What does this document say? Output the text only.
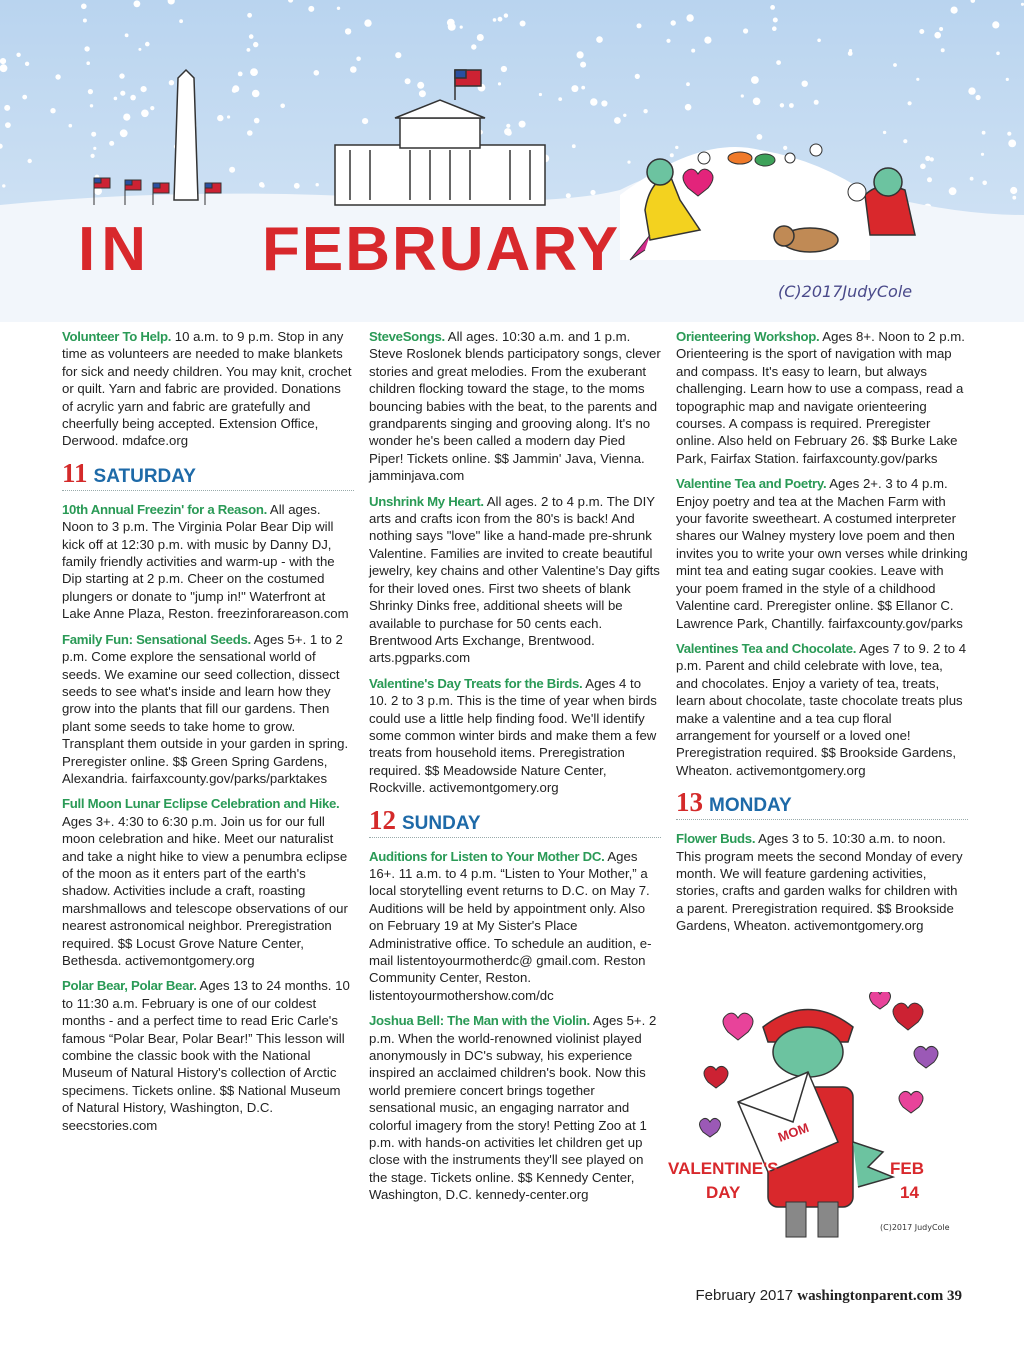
IN FEBRUARY
(C)2017JudyCole
Volunteer To Help. 10 a.m. to 9 p.m. Stop in any time as volunteers are needed to make blankets for sick and needy children. You may knit, crochet or quilt. Yarn and fabric are provided. Donations of acrylic yarn and fabric are gratefully and cheerfully being accepted. Extension Office, Derwood. mdafce.org
11 SATURDAY
10th Annual Freezin' for a Reason. All ages. Noon to 3 p.m. The Virginia Polar Bear Dip will kick off at 12:30 p.m. with music by Danny DJ, family friendly activities and warm-up - with the Dip starting at 2 p.m. Cheer on the costumed plungers or donate to "jump in!" Waterfront at Lake Anne Plaza, Reston. freezinforareason.com
Family Fun: Sensational Seeds. Ages 5+. 1 to 2 p.m. Come explore the sensational world of seeds. We examine our seed collection, dissect seeds to see what's inside and learn how they grow into the plants that fill our gardens. Then plant some seeds to take home to grow. Transplant them outside in your garden in spring. Preregister online. $$ Green Spring Gardens, Alexandria. fairfaxcounty.gov/parks/parktakes
Full Moon Lunar Eclipse Celebration and Hike. Ages 3+. 4:30 to 6:30 p.m. Join us for our full moon celebration and hike. Meet our naturalist and take a night hike to view a penumbra eclipse of the moon as it enters part of the earth's shadow. Activities include a craft, roasting marshmallows and telescope observations of our nearest astronomical neighbor. Preregistration required. $$ Locust Grove Nature Center, Bethesda. activemontgomery.org
Polar Bear, Polar Bear. Ages 13 to 24 months. 10 to 11:30 a.m. February is one of our coldest months - and a perfect time to read Eric Carle's famous “Polar Bear, Polar Bear!” This lesson will combine the classic book with the National Museum of Natural History's collection of Arctic specimens. Tickets online. $$ National Museum of Natural History, Washington, D.C. seecstories.com
SteveSongs. All ages. 10:30 a.m. and 1 p.m. Steve Roslonek blends participatory songs, clever stories and great melodies. From the exuberant children flocking toward the stage, to the moms bouncing babies with the beat, to the parents and grandparents singing and grooving along. It's no wonder he's been called a modern day Pied Piper! Tickets online. $$ Jammin' Java, Vienna. jamminjava.com
Unshrink My Heart. All ages. 2 to 4 p.m. The DIY arts and crafts icon from the 80's is back! And nothing says "love" like a hand-made pre-shrunk Valentine. Families are invited to create beautiful jewelry, key chains and other Valentine's Day gifts for their loved ones. First two sheets of blank Shrinky Dinks free, additional sheets will be available to purchase for 50 cents each. Brentwood Arts Exchange, Brentwood. arts.pgparks.com
Valentine's Day Treats for the Birds. Ages 4 to 10. 2 to 3 p.m. This is the time of year when birds could use a little help finding food. We'll identify some common winter birds and make them a few treats from household items. Preregistration required. $$ Meadowside Nature Center, Rockville. activemontgomery.org
12 SUNDAY
Auditions for Listen to Your Mother DC. Ages 16+. 11 a.m. to 4 p.m. “Listen to Your Mother,” a local storytelling event returns to D.C. on May 7. Auditions will be held by appointment only. Also on February 19 at My Sister's Place Administrative office. To schedule an audition, e-mail listentoyourmotherdc@ gmail.com. Reston Community Center, Reston. listentoyourmothershow.com/dc
Joshua Bell: The Man with the Violin. Ages 5+. 2 p.m. When the world-renowned violinist played anonymously in DC's subway, his experience inspired an acclaimed children's book. Now this world premiere concert brings together sensational music, an engaging narrator and colorful imagery from the story! Petting Zoo at 1 p.m. with hands-on activities let children get up close with the instruments they'll see played on the stage. Tickets online. $$ Kennedy Center, Washington, D.C. kennedy-center.org
Orienteering Workshop. Ages 8+. Noon to 2 p.m. Orienteering is the sport of navigation with map and compass. It's easy to learn, but always challenging. Learn how to use a compass, read a topographic map and navigate orienteering courses. A compass is required. Preregister online. Also held on February 26. $$ Burke Lake Park, Fairfax Station. fairfaxcounty.gov/parks
Valentine Tea and Poetry. Ages 2+. 3 to 4 p.m. Enjoy poetry and tea at the Machen Farm with your favorite sweetheart. A costumed interpreter shares our Walney mystery love poem and then invites you to write your own verses while drinking mint tea and eating sugar cookies. Leave with your poem framed in the style of a childhood Valentine card. Preregister online. $$ Ellanor C. Lawrence Park, Chantilly. fairfaxcounty.gov/parks
Valentines Tea and Chocolate. Ages 7 to 9. 2 to 4 p.m. Parent and child celebrate with love, tea, and chocolates. Enjoy a variety of tea, treats, learn about chocolate, taste chocolate treats plus make a valentine and a tea cup floral arrangement for yourself or a loved one! Preregistration required. $$ Brookside Gardens, Wheaton. activemontgomery.org
13 MONDAY
Flower Buds. Ages 3 to 5. 10:30 a.m. to noon. This program meets the second Monday of every month. We will feature gardening activities, stories, crafts and garden walks for children with a parent. Preregistration required. $$ Brookside Gardens, Wheaton. activemontgomery.org
MOM
VALENTINE'S
DAY
FEB
14
(C)2017 JudyCole
February 2017 washingtonparent.com 39
